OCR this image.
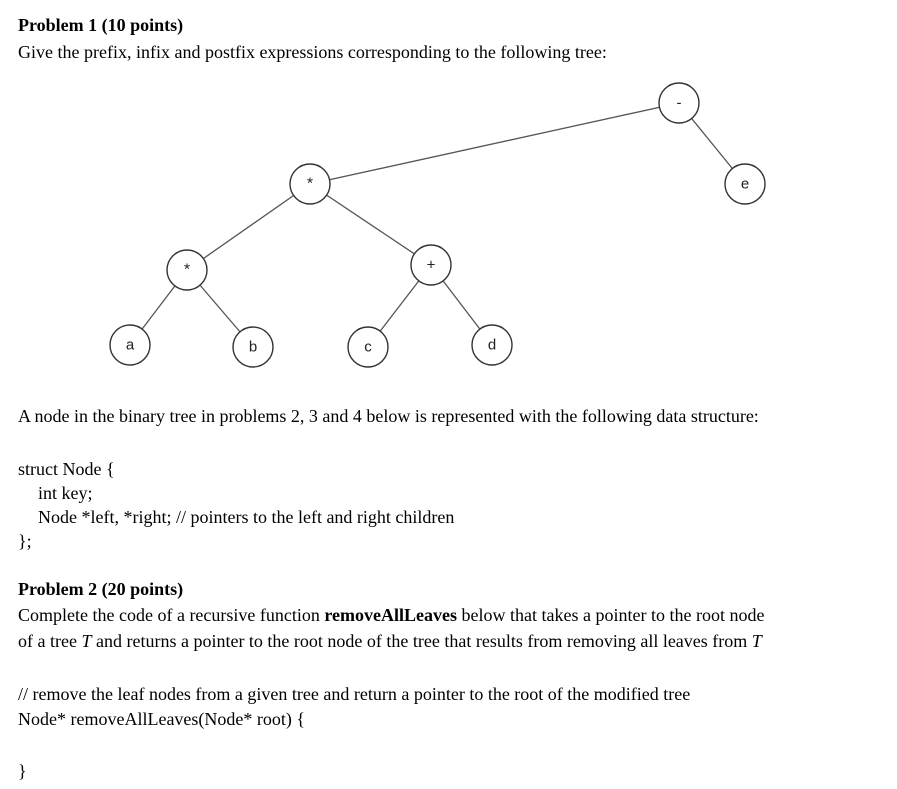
Problem 1 (10 points)
Give the prefix, infix and postfix expressions corresponding to the following tree:
-
*	e
*	+
a	b	c	d
A node in the binary tree in problems 2, 3 and 4 below is represented with the following data structure:
struct Node {
int key;
Node *left, *right; // pointers to the left and right children
};
Problem 2 (20 points)
Complete the code of a recursive function removeAllLeaves below that takes a pointer to the root node
of a tree T and returns a pointer to the root node of the tree that results from removing all leaves from T
// remove the leaf nodes from a given tree and return a pointer to the root of the modified tree
Node* removeAllLeaves(Node* root) {
}
